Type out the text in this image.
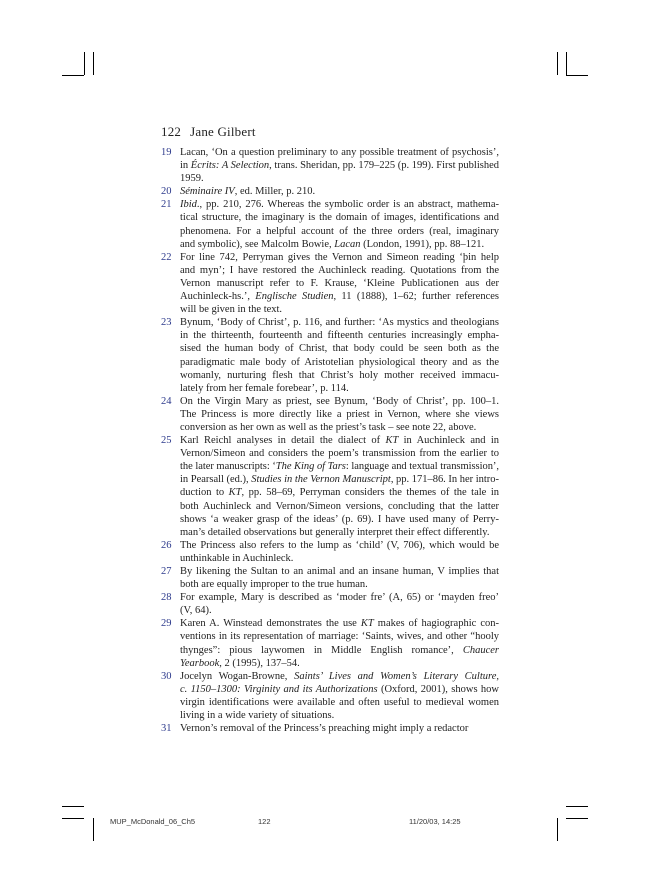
122 Jane Gilbert
19 Lacan, ‘On a question preliminary to any possible treatment of psychosis’,
in Écrits: A Selection, trans. Sheridan, pp. 179–225 (p. 199). First published
1959.
20 Séminaire IV, ed. Miller, p. 210.
21 Ibid., pp. 210, 276. Whereas the symbolic order is an abstract, mathema-
tical structure, the imaginary is the domain of images, identifications and
phenomena. For a helpful account of the three orders (real, imaginary
and symbolic), see Malcolm Bowie, Lacan (London, 1991), pp. 88–121.
22 For line 742, Perryman gives the Vernon and Simeon reading ‘þin help
and myn’; I have restored the Auchinleck reading. Quotations from the
Vernon manuscript refer to F. Krause, ‘Kleine Publicationen aus der
Auchinleck-hs.’, Englische Studien, 11 (1888), 1–62; further references
will be given in the text.
23 Bynum, ‘Body of Christ’, p. 116, and further: ‘As mystics and theologians
in the thirteenth, fourteenth and fifteenth centuries increasingly empha-
sised the human body of Christ, that body could be seen both as the
paradigmatic male body of Aristotelian physiological theory and as the
womanly, nurturing flesh that Christ’s holy mother received immacu-
lately from her female forebear’, p. 114.
24 On the Virgin Mary as priest, see Bynum, ‘Body of Christ’, pp. 100–1.
The Princess is more directly like a priest in Vernon, where she views
conversion as her own as well as the priest’s task – see note 22, above.
25 Karl Reichl analyses in detail the dialect of KT in Auchinleck and in
Vernon/Simeon and considers the poem’s transmission from the earlier to
the later manuscripts: ‘The King of Tars: language and textual transmission’,
in Pearsall (ed.), Studies in the Vernon Manuscript, pp. 171–86. In her intro-
duction to KT, pp. 58–69, Perryman considers the themes of the tale in
both Auchinleck and Vernon/Simeon versions, concluding that the latter
shows ‘a weaker grasp of the ideas’ (p. 69). I have used many of Perry-
man’s detailed observations but generally interpret their effect differently.
26 The Princess also refers to the lump as ‘child’ (V, 706), which would be
unthinkable in Auchinleck.
27 By likening the Sultan to an animal and an insane human, V implies that
both are equally improper to the true human.
28 For example, Mary is described as ‘moder fre’ (A, 65) or ‘mayden freo’
(V, 64).
29 Karen A. Winstead demonstrates the use KT makes of hagiographic con-
ventions in its representation of marriage: ‘Saints, wives, and other “hooly
thynges”: pious laywomen in Middle English romance’, Chaucer
Yearbook, 2 (1995), 137–54.
30 Jocelyn Wogan-Browne, Saints’ Lives and Women’s Literary Culture,
c. 1150–1300: Virginity and its Authorizations (Oxford, 2001), shows how
virgin identifications were available and often useful to medieval women
living in a wide variety of situations.
31 Vernon’s removal of the Princess’s preaching might imply a redactor
MUP_McDonald_06_Ch5	122	11/20/03, 14:25
